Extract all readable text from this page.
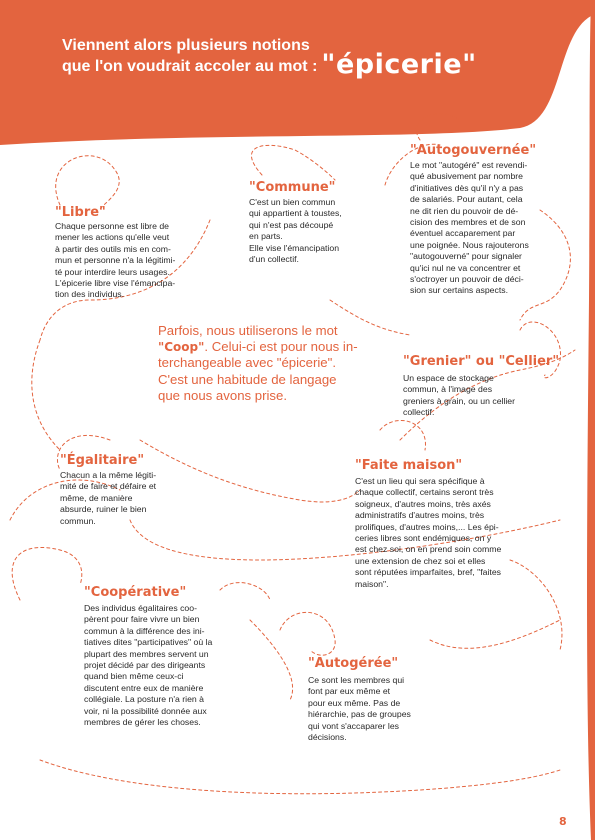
Viennent alors plusieurs notions
que l'on voudrait accoler au mot : "épicerie"
"Libre"
Chaque personne est libre de
mener les actions qu'elle veut
à partir des outils mis en com-
mun et personne n'a la légitimi-
té pour interdire leurs usages.
L'épicerie libre vise l'émancipa-
tion des individus.
"Commune"
C'est un bien commun
qui appartient à toustes,
qui n'est pas découpé
en parts.
Elle vise l'émancipation
d'un collectif.
"Autogouvernée"
Le mot "autogéré" est revendi-
qué abusivement par nombre
d'initiatives dès qu'il n'y a pas
de salariés. Pour autant, cela
ne dit rien du pouvoir de dé-
cision des membres et de son
éventuel accaparement par
une poignée. Nous rajouterons
"autogouverné" pour signaler
qu'ici nul ne va concentrer et
s'octroyer un pouvoir de déci-
sion sur certains aspects.
Parfois, nous utiliserons le mot
"Coop". Celui-ci est pour nous in-
terchangeable avec "épicerie".
C'est une habitude de langage
que nous avons prise.
"Grenier" ou "Cellier"
Un espace de stockage
commun, à l'image des
greniers à grain, ou un cellier
collectif.
"Égalitaire"
Chacun a la même légiti-
mité de faire et défaire et
même, de manière
absurde, ruiner le bien
commun.
"Faite maison"
C'est un lieu qui sera spécifique à
chaque collectif, certains seront très
soigneux, d'autres moins, très axés
administratifs d'autres moins, très
prolifiques, d'autres moins,... Les épi-
ceries libres sont endémiques, on y
est chez soi, on en prend soin comme
une extension de chez soi et elles
sont réputées imparfaites, bref, "faites
maison".
"Coopérative"
Des individus égalitaires coo-
pèrent pour faire vivre un bien
commun à la différence des ini-
tiatives dites "participatives" où la
plupart des membres servent un
projet décidé par des dirigeants
quand bien même ceux-ci
discutent entre eux de manière
collégiale. La posture n'a rien à
voir, ni la possibilité donnée aux
membres de gérer les choses.
"Autogérée"
Ce sont les membres qui
font par eux même et
pour eux même. Pas de
hiérarchie, pas de groupes
qui vont s'accaparer les
décisions.
8
